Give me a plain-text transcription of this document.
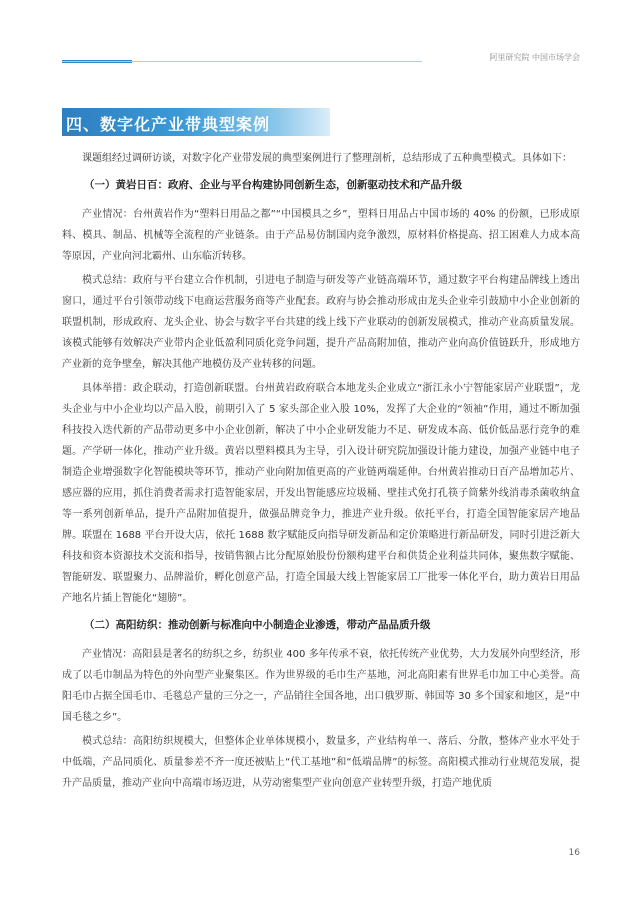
阿里研究院 中国市场学会
四、数字化产业带典型案例

课题组经过调研访谈，对数字化产业带发展的典型案例进行了整理剖析，总结形成了五种典型模式。具体如下：

（一）黄岩日百：政府、企业与平台构建协同创新生态，创新驱动技术和产品升级

产业情况：台州黄岩作为“塑料日用品之都”“中国模具之乡”，塑料日用品占中国市场的 40% 的份额，已形成原料、模具、制品、机械等全流程的产业链条。由于产品易仿制国内竞争激烈，原材料价格提高、招工困难人力成本高等原因，产业向河北霸州、山东临沂转移。

模式总结：政府与平台建立合作机制，引进电子制造与研发等产业链高端环节，通过数字平台构建品牌线上透出窗口，通过平台引领带动线下电商运营服务商等产业配套。政府与协会推动形成由龙头企业牵引鼓励中小企业创新的联盟机制，形成政府、龙头企业、协会与数字平台共建的线上线下产业联动的创新发展模式，推动产业高质量发展。该模式能够有效解决产业带内企业低盈利同质化竞争问题，提升产品高附加值，推动产业向高价值链跃升，形成地方产业新的竞争壁垒，解决其他产地模仿及产业转移的问题。

具体举措：政企联动，打造创新联盟。台州黄岩政府联合本地龙头企业成立“浙江永小宁智能家居产业联盟”，龙头企业与中小企业均以产品入股，前期引入了 5 家头部企业入股 10%，发挥了大企业的“领袖”作用，通过不断加强科技投入迭代新的产品带动更多中小企业创新，解决了中小企业研发能力不足、研发成本高、低价低品恶行竞争的难题。产学研一体化，推动产业升级。黄岩以塑料模具为主导，引入设计研究院加强设计能力建设，加强产业链中电子制造企业增强数字化智能模块等环节，推动产业向附加值更高的产业链两端延伸。台州黄岩推动日百产品增加芯片、感应器的应用，抓住消费者需求打造智能家居，开发出智能感应垃圾桶、壁挂式免打孔筷子筒紫外线消毒杀菌收纳盒等一系列创新单品，提升产品附加值提升，做强品牌竞争力，推进产业升级。依托平台，打造全国智能家居产地品牌。联盟在 1688 平台开设大店，依托 1688 数字赋能反向指导研发新品和定价策略进行新品研发，同时引进泛新大科技和资本资源技术交流和指导，按销售额占比分配原始股份份额构建平台和供货企业利益共同体，聚焦数字赋能、智能研发、联盟聚力、品牌溢价，孵化创意产品，打造全国最大线上智能家居工厂批零一体化平台，助力黄岩日用品产地名片插上智能化“翅膀”。

（二）高阳纺织：推动创新与标准向中小制造企业渗透，带动产品品质升级

产业情况：高阳县是著名的纺织之乡，纺织业 400 多年传承不衰，依托传统产业优势，大力发展外向型经济，形成了以毛巾制品为特色的外向型产业聚集区。作为世界级的毛巾生产基地，河北高阳素有世界毛巾加工中心美誉。高阳毛巾占据全国毛巾、毛毯总产量的三分之一，产品销往全国各地，出口俄罗斯、韩国等 30 多个国家和地区，是“中国毛毯之乡”。

模式总结：高阳纺织规模大，但整体企业单体规模小，数量多，产业结构单一、落后、分散，整体产业水平处于中低端，产品同质化、质量参差不齐一度还被贴上“代工基地”和“低端品牌”的标签。高阳模式推动行业规范发展，提升产品质量，推动产业向中高端市场迈进，从劳动密集型产业向创意产业转型升级，打造产地优质

16
